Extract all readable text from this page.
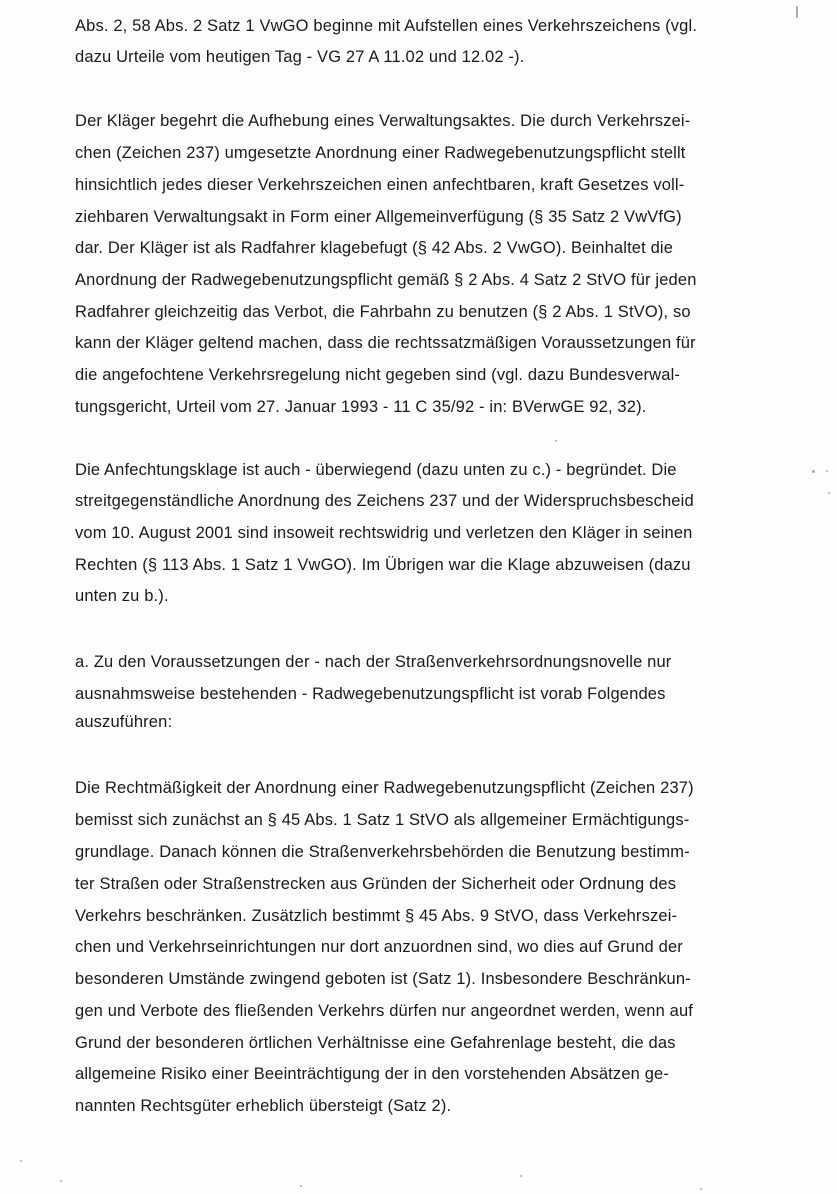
Abs. 2, 58 Abs. 2 Satz 1 VwGO beginne mit Aufstellen eines Verkehrszeichens (vgl.

dazu Urteile vom heutigen Tag - VG 27 A 11.02 und 12.02 -).

Der Kläger begehrt die Aufhebung eines Verwaltungsaktes. Die durch Verkehrszei-

chen (Zeichen 237) umgesetzte Anordnung einer Radwegebenutzungspflicht stellt

hinsichtlich jedes dieser Verkehrszeichen einen anfechtbaren, kraft Gesetzes voll-

ziehbaren Verwaltungsakt in Form einer Allgemeinverfügung (§ 35 Satz 2 VwVfG)

dar. Der Kläger ist als Radfahrer klagebefugt (§ 42 Abs. 2 VwGO). Beinhaltet die

Anordnung der Radwegebenutzungspflicht gemäß § 2 Abs. 4 Satz 2 StVO für jeden

Radfahrer gleichzeitig das Verbot, die Fahrbahn zu benutzen (§ 2 Abs. 1 StVO), so

kann der Kläger geltend machen, dass die rechtssatzmäßigen Voraussetzungen für

die angefochtene Verkehrsregelung nicht gegeben sind (vgl. dazu Bundesverwal-

tungsgericht, Urteil vom 27. Januar 1993 - 11 C 35/92 - in: BVerwGE 92, 32).

Die Anfechtungsklage ist auch - überwiegend (dazu unten zu c.) - begründet. Die

streitgegenständliche Anordnung des Zeichens 237 und der Widerspruchsbescheid

vom 10. August 2001 sind insoweit rechtswidrig und verletzen den Kläger in seinen

Rechten (§ 113 Abs. 1 Satz 1 VwGO). Im Übrigen war die Klage abzuweisen (dazu

unten zu b.).

a. Zu den Voraussetzungen der - nach der Straßenverkehrsordnungsnovelle nur

ausnahmsweise bestehenden - Radwegebenutzungspflicht ist vorab Folgendes

auszuführen:

Die Rechtmäßigkeit der Anordnung einer Radwegebenutzungspflicht (Zeichen 237)

bemisst sich zunächst an § 45 Abs. 1 Satz 1 StVO als allgemeiner Ermächtigungs-

grundlage. Danach können die Straßenverkehrsbehörden die Benutzung bestimm-

ter Straßen oder Straßenstrecken aus Gründen der Sicherheit oder Ordnung des

Verkehrs beschränken. Zusätzlich bestimmt § 45 Abs. 9 StVO, dass Verkehrszei-

chen und Verkehrseinrichtungen nur dort anzuordnen sind, wo dies auf Grund der

besonderen Umstände zwingend geboten ist (Satz 1). Insbesondere Beschränkun-

gen und Verbote des fließenden Verkehrs dürfen nur angeordnet werden, wenn auf

Grund der besonderen örtlichen Verhältnisse eine Gefahrenlage besteht, die das

allgemeine Risiko einer Beeinträchtigung der in den vorstehenden Absätzen ge-

nannten Rechtsgüter erheblich übersteigt (Satz 2).
